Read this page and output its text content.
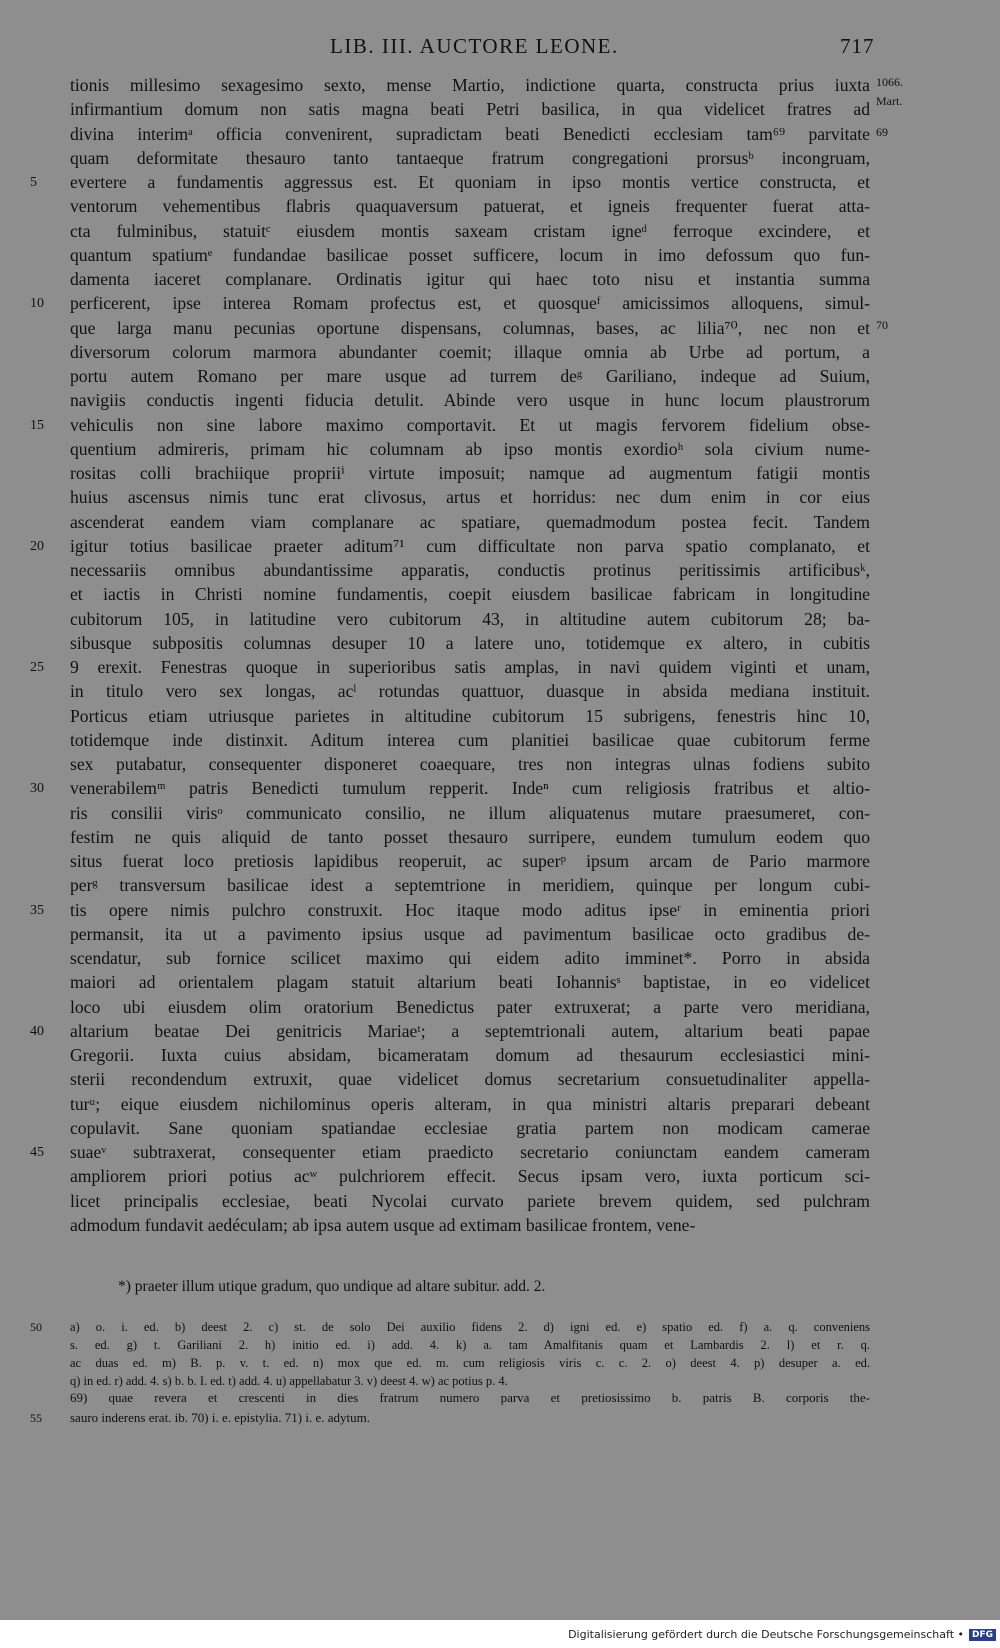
LIB. III. AUCTORE LEONE.	717
tionis millesimo sexagesimo sexto, mense Martio, indictione quarta, constructa prius iuxta
infirmantium domum non satis magna beati Petri basilica, in qua videlicet fratres ad
divina interimᵃ officia convenirent, supradictam beati Benedicti ecclesiam tam⁶⁹ parvitate
quam deformitate thesauro tanto tantaeque fratrum congregationi prorsusᵇ incongruam,
5	evertere a fundamentis aggressus est. Et quoniam in ipso montis vertice constructa, et
ventorum vehementibus flabris quaquaversum patuerat, et igneis frequenter fuerat atta-
cta fulminibus, statuitᶜ eiusdem montis saxeam cristam igneᵈ ferroque excindere, et
quantum spatiumᵉ fundandae basilicae posset sufficere, locum in imo defossum quo fun-
damenta iaceret complanare. Ordinatis igitur qui haec toto nisu et instantia summa
10	perficerent, ipse interea Romam profectus est, et quosqueᶠ amicissimos alloquens, simul-
que larga manu pecunias oportune dispensans, columnas, bases, ac lilia⁷⁰, nec non et
diversorum colorum marmora abundanter coemit; illaque omnia ab Urbe ad portum, a
portu autem Romano per mare usque ad turrem deᵍ Gariliano, indeque ad Suium,
navigiis conductis ingenti fiducia detulit. Abinde vero usque in hunc locum plaustrorum
15	vehiculis non sine labore maximo comportavit. Et ut magis fervorem fidelium obse-
quentium admireris, primam hic columnam ab ipso montis exordioʰ sola civium nume-
rositas colli brachiique propriiⁱ virtute imposuit; namque ad augmentum fatigii montis
huius ascensus nimis tunc erat clivosus, artus et horridus: nec dum enim in cor eius
ascenderat eandem viam complanare ac spatiare, quemadmodum postea fecit. Tandem
20	igitur totius basilicae praeter aditum⁷¹ cum difficultate non parva spatio complanato, et
necessariis omnibus abundantissime apparatis, conductis protinus peritissimis artificibusᵏ,
et iactis in Christi nomine fundamentis, coepit eiusdem basilicae fabricam in longitudine
cubitorum 105, in latitudine vero cubitorum 43, in altitudine autem cubitorum 28; ba-
sibusque subpositis columnas desuper 10 a latere uno, totidemque ex altero, in cubitis
25	9 erexit. Fenestras quoque in superioribus satis amplas, in navi quidem viginti et unam,
in titulo vero sex longas, acˡ rotundas quattuor, duasque in absida mediana instituit.
Porticus etiam utriusque parietes in altitudine cubitorum 15 subrigens, fenestris hinc 10,
totidemque inde distinxit. Aditum interea cum planitiei basilicae quae cubitorum ferme
sex putabatur, consequenter disponeret coaequare, tres non integras ulnas fodiens subito
30	venerabilemᵐ patris Benedicti tumulum repperit. Indeⁿ cum religiosis fratribus et altio-
ris consilii virisᵒ communicato consilio, ne illum aliquatenus mutare praesumeret, con-
festim ne quis aliquid de tanto posset thesauro surripere, eundem tumulum eodem quo
situs fuerat loco pretiosis lapidibus reoperuit, ac superᵖ ipsum arcam de Pario marmore
perᵍ transversum basilicae idest a septemtrione in meridiem, quinque per longum cubi-
35	tis opere nimis pulchro construxit. Hoc itaque modo aditus ipseʳ in eminentia priori
permansit, ita ut a pavimento ipsius usque ad pavimentum basilicae octo gradibus de-
scendatur, sub fornice scilicet maximo qui eidem adito imminet*. Porro in absida
maiori ad orientalem plagam statuit altarium beati Iohannisˢ baptistae, in eo videlicet
loco ubi eiusdem olim oratorium Benedictus pater extruxerat; a parte vero meridiana,
40	altarium beatae Dei genitricis Mariaeᵗ; a septemtrionali autem, altarium beati papae
Gregorii. Iuxta cuius absidam, bicameratam domum ad thesaurum ecclesiastici mini-
sterii recondendum extruxit, quae videlicet domus secretarium consuetudinaliter appella-
turᵘ; eique eiusdem nichilominus operis alteram, in qua ministri altaris preparari debeant
copulavit. Sane quoniam spatiandae ecclesiae gratia partem non modicam camerae
45	suaeᵛ subtraxerat, consequenter etiam praedicto secretario coniunctam eandem cameram
ampliorem priori potius acʷ pulchriorem effecit. Secus ipsam vero, iuxta porticum sci-
licet principalis ecclesiae, beati Nycolai curvato pariete brevem quidem, sed pulchram
admodum fundavit aedéculam; ab ipsa autem usque ad extimam basilicae frontem, vene-
1066.
Mart.
69
70
*) praeter illum utique gradum, quo undique ad altare subitur. add. 2.
50	a) o. i. ed. b) deest 2. c) st. de solo Dei auxilio fidens 2. d) igni ed. e) spatio ed. f) a. q. conveniens
s. ed. g) t. Gariliani 2. h) initio ed. i) add. 4. k) a. tam Amalfitanis quam et Lambardis 2. l) et r. q.
ac duas ed. m) B. p. v. t. ed. n) mox que ed. m. cum religiosis viris c. c. 2. o) deest 4. p) desuper a. ed.
q) in ed. r) add. 4. s) b. b. I. ed. t) add. 4. u) appellabatur 3. v) deest 4. w) ac potius p. 4.
69) quae revera et crescenti in dies fratrum numero parva et pretiosissimo b. patris B. corporis the-
55	sauro inderens erat. ib. 70) i. e. epistylia. 71) i. e. adytum.
Digitalisierung gefördert durch die Deutsche Forschungsgemeinschaft • DFG
